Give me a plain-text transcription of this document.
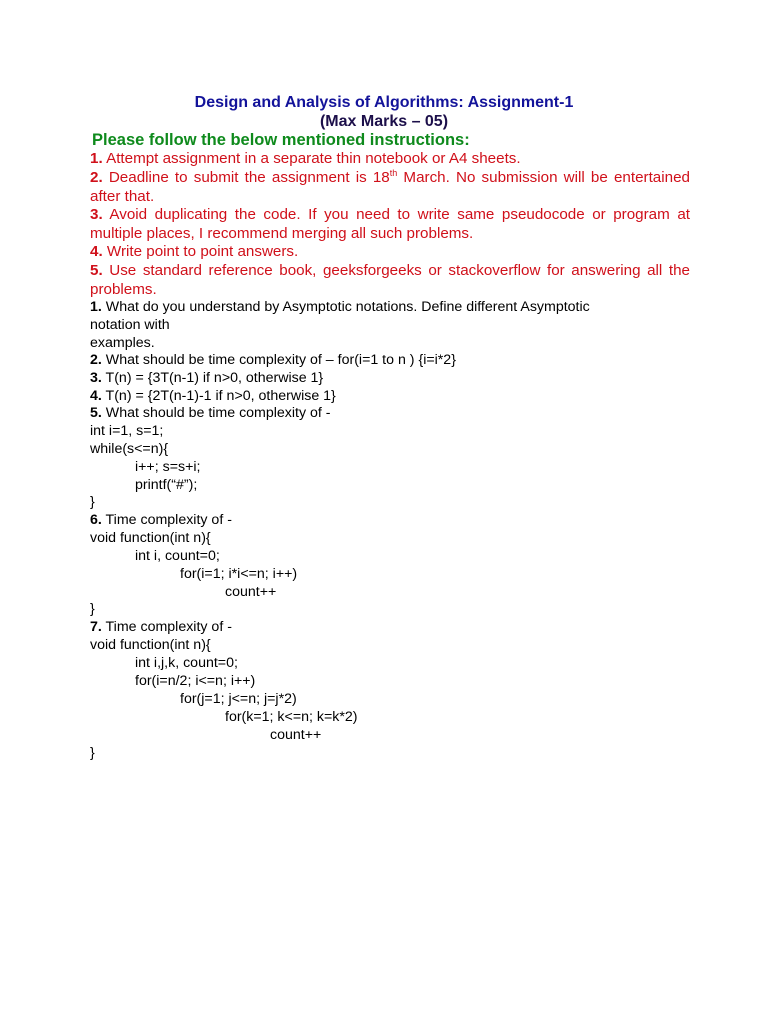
Design and Analysis of Algorithms: Assignment-1
(Max Marks – 05)
Please follow the below mentioned instructions:
1. Attempt assignment in a separate thin notebook or A4 sheets.
2. Deadline to submit the assignment is 18th March. No submission will be entertained after that.
3. Avoid duplicating the code. If you need to write same pseudocode or program at multiple places, I recommend merging all such problems.
4. Write point to point answers.
5. Use standard reference book, geeksforgeeks or stackoverflow for answering all the problems.
1. What do you understand by Asymptotic notations. Define different Asymptotic
notation with
examples.
2. What should be time complexity of – for(i=1 to n ) {i=i*2}
3. T(n) = {3T(n-1) if n>0, otherwise 1}
4. T(n) = {2T(n-1)-1 if n>0, otherwise 1}
5. What should be time complexity of -
int i=1, s=1;
while(s<=n){
i++; s=s+i;
printf(“#”);
}
6. Time complexity of -
void function(int n){
int i, count=0;
for(i=1; i*i<=n; i++)
count++
}
7. Time complexity of -
void function(int n){
int i,j,k, count=0;
for(i=n/2; i<=n; i++)
for(j=1; j<=n; j=j*2)
for(k=1; k<=n; k=k*2)
count++
}
